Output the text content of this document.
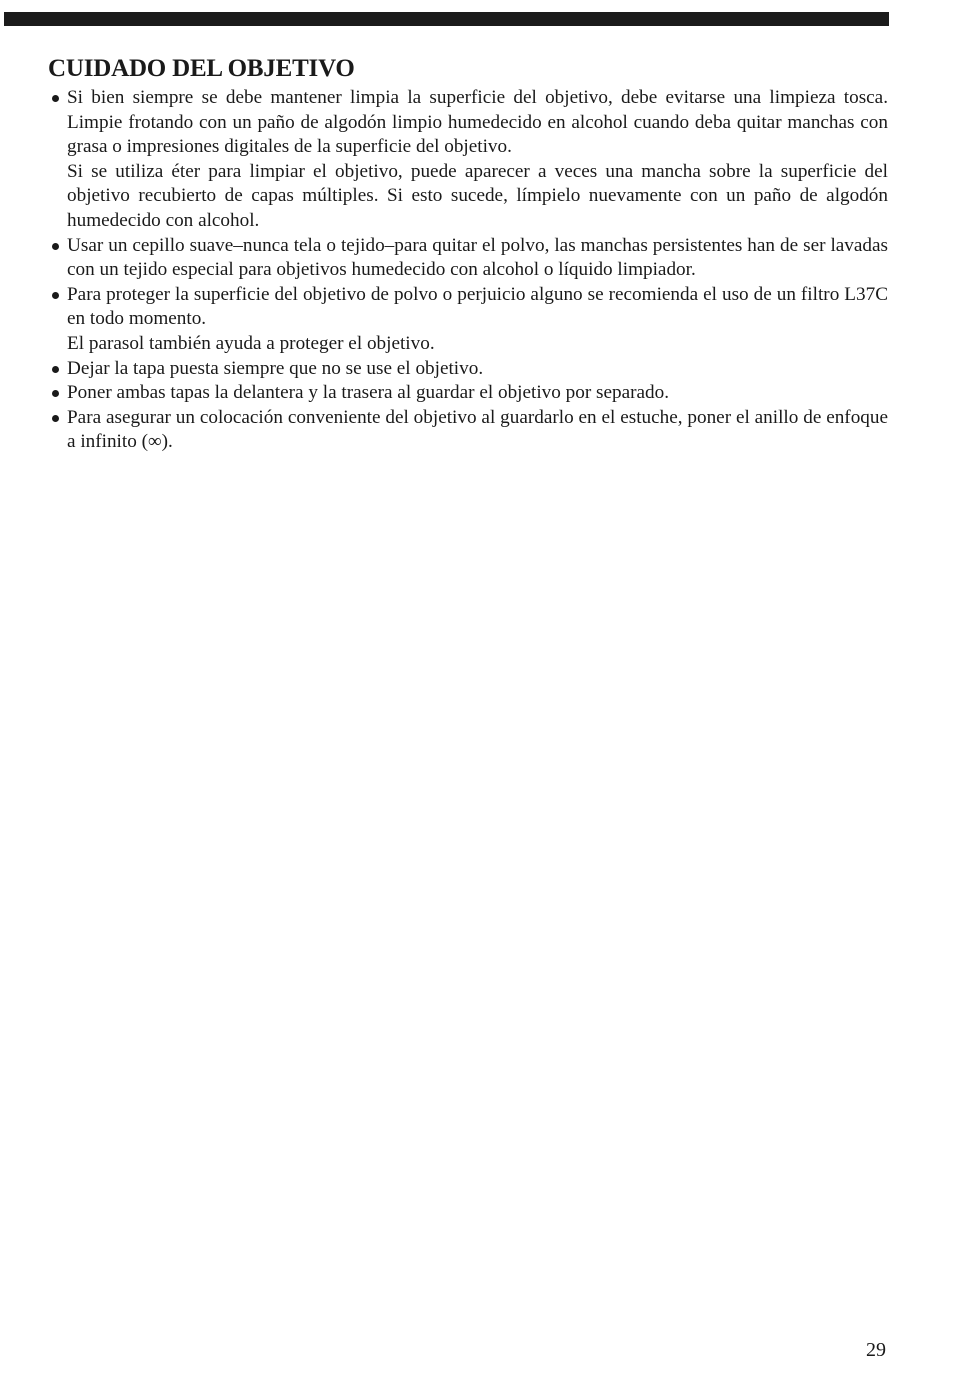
CUIDADO DEL OBJETIVO

Si bien siempre se debe mantener limpia la superficie del objetivo, debe evitarse una limpieza tosca. Limpie frotando con un paño de algodón limpio humedecido en alcohol cuando deba quitar manchas con grasa o impresiones digitales de la superficie del objetivo.

Si se utiliza éter para limpiar el objetivo, puede aparecer a veces una mancha sobre la superficie del objetivo recubierto de capas múltiples. Si esto sucede, límpielo nuevamente con un paño de algodón humedecido con alcohol.

Usar un cepillo suave–nunca tela o tejido–para quitar el polvo, las manchas persistentes han de ser lavadas con un tejido especial para objetivos humedecido con alcohol o líquido limpiador.

Para proteger la superficie del objetivo de polvo o perjuicio alguno se recomienda el uso de un filtro L37C en todo momento.

El parasol también ayuda a proteger el objetivo.

Dejar la tapa puesta siempre que no se use el objetivo.

Poner ambas tapas la delantera y la trasera al guardar el objetivo por separado.

Para asegurar un colocación conveniente del objetivo al guardarlo en el estuche, poner el anillo de enfoque a infinito (∞).

29
